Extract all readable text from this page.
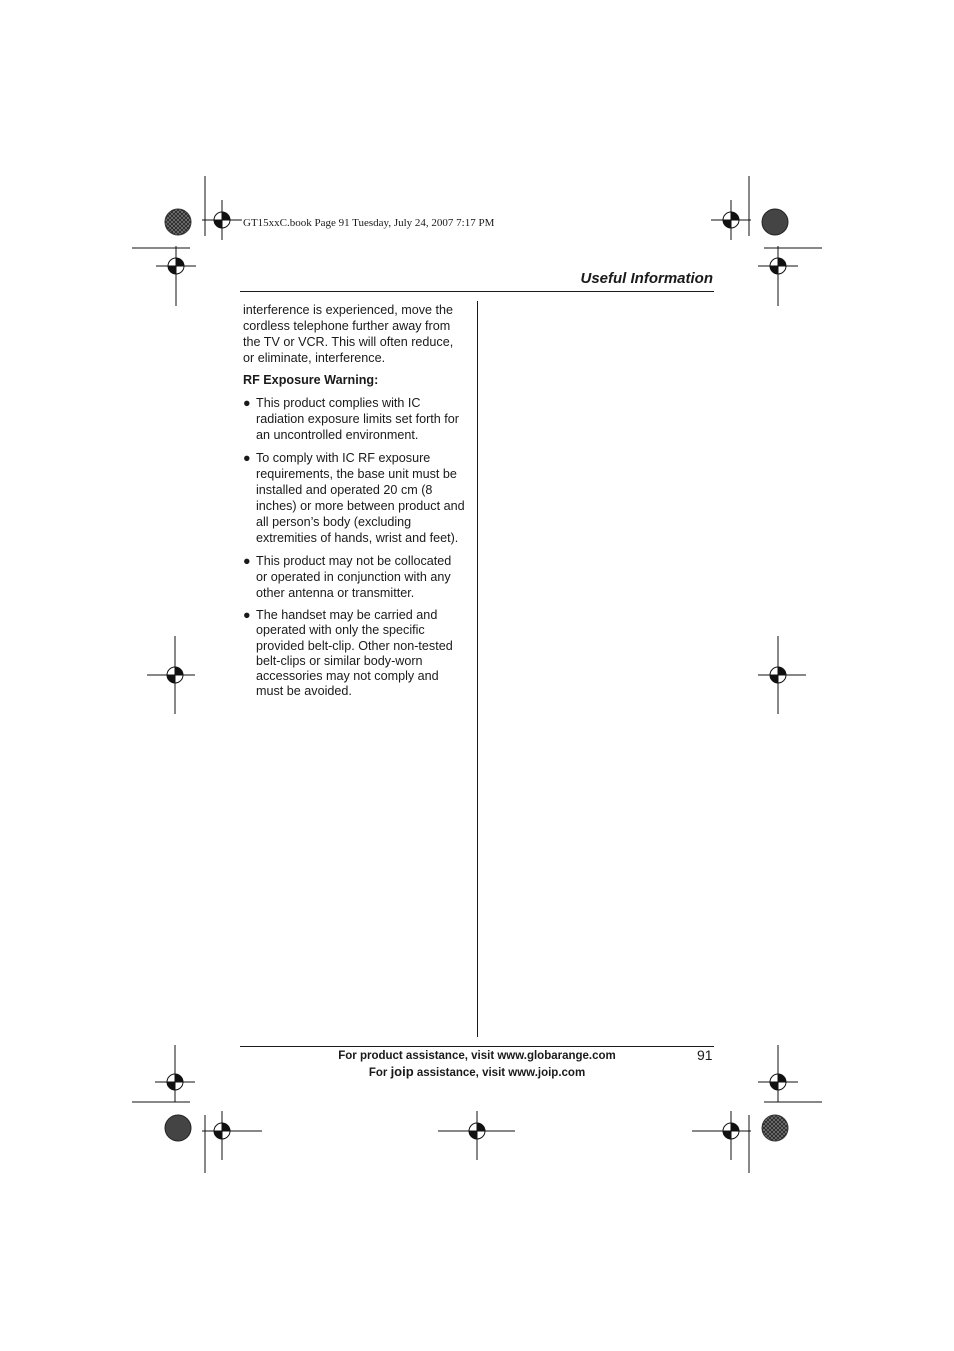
GT15xxC.book Page 91 Tuesday, July 24, 2007 7:17 PM
Useful Information

interference is experienced, move the cordless telephone further away from the TV or VCR. This will often reduce, or eliminate, interference.

RF Exposure Warning:

● This product complies with IC radiation exposure limits set forth for an uncontrolled environment.
● To comply with IC RF exposure requirements, the base unit must be installed and operated 20 cm (8 inches) or more between product and all person’s body (excluding extremities of hands, wrist and feet).
● This product may not be collocated or operated in conjunction with any other antenna or transmitter.
● The handset may be carried and operated with only the specific provided belt-clip. Other non-tested belt-clips or similar body-worn accessories may not comply and must be avoided.
For product assistance, visit www.globarange.com
For joip assistance, visit www.joip.com
91
